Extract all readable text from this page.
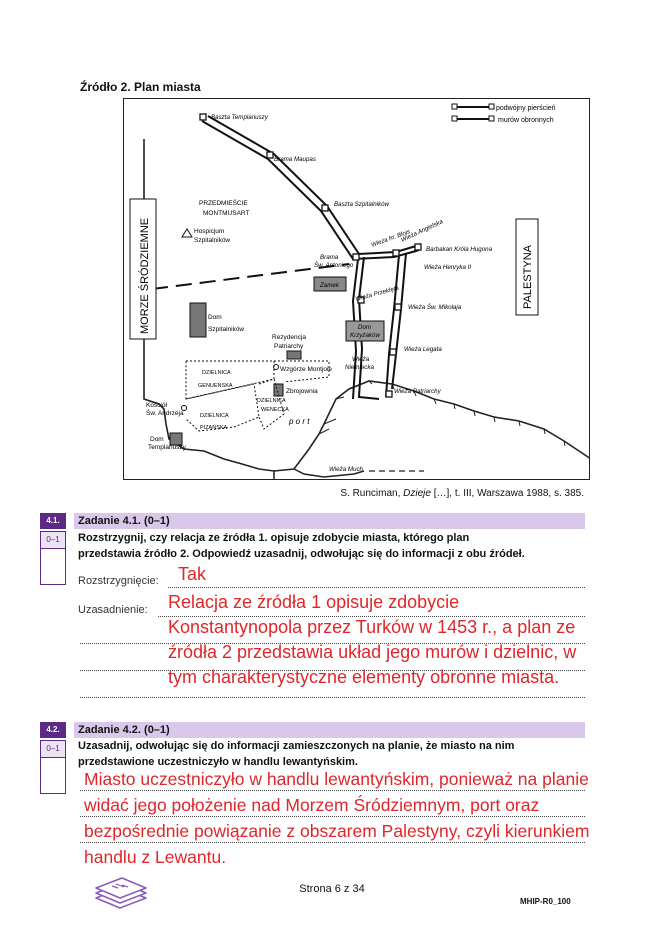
Źródło 2. Plan miasta
podwójny pierścień
murów obronnych
MORZE ŚRÓDZIEMNE	PALESTYNA
Baszta Templariuszy
Brama Maupas
Baszta Szpitalników
Brama
Św. Antoniego
Wieża hr. Blois
Wieża Angielska
Barbakan Króla Hugona
Wieża Henryka II
Zamek	Wieża Przeklęta
Wieża Św. Mikołaja
Dom
Krzyżaków
Wieża Legata
Wieża
Niemiecka
Wieża Patriarchy
Wieża Much
PRZEDMIEŚCIE
MONTMUSART
Hospicjum
Szpitalników
Dom
Szpitalników
Rezydencja
Patriarchy
Wzgórze Montjoie
Kościół
Św. Andrzeja
Zbrojownia
Dom
Templariuszy
DZIELNICA
GENUEŃSKA
DZIELNICA
WENECKA
DZIELNICA
PIZAŃSKA
p o r t
S. Runciman, Dzieje […], t. III, Warszawa 1988, s. 385.
4.1.	Zadanie 4.1. (0–1)
0–1	Rozstrzygnij, czy relacja ze źródła 1. opisuje zdobycie miasta, którego plan
przedstawia źródło 2. Odpowiedź uzasadnij, odwołując się do informacji z obu źródeł.
Rozstrzygnięcie: Tak
Uzasadnienie: Relacja ze źródła 1 opisuje zdobycie
Konstantynopola przez Turków w 1453 r., a plan ze
źródła 2 przedstawia układ jego murów i dzielnic, w
tym charakterystyczne elementy obronne miasta.
4.2.	Zadanie 4.2. (0–1)
0–1	Uzasadnij, odwołując się do informacji zamieszczonych na planie, że miasto na nim
przedstawione uczestniczyło w handlu lewantyńskim.
Miasto uczestniczyło w handlu lewantyńskim, ponieważ na planie
widać jego położenie nad Morzem Śródziemnym, port oraz
bezpośrednie powiązanie z obszarem Palestyny, czyli kierunkiem
handlu z Lewantu.
Strona 6 z 34
MHIP-R0_100
